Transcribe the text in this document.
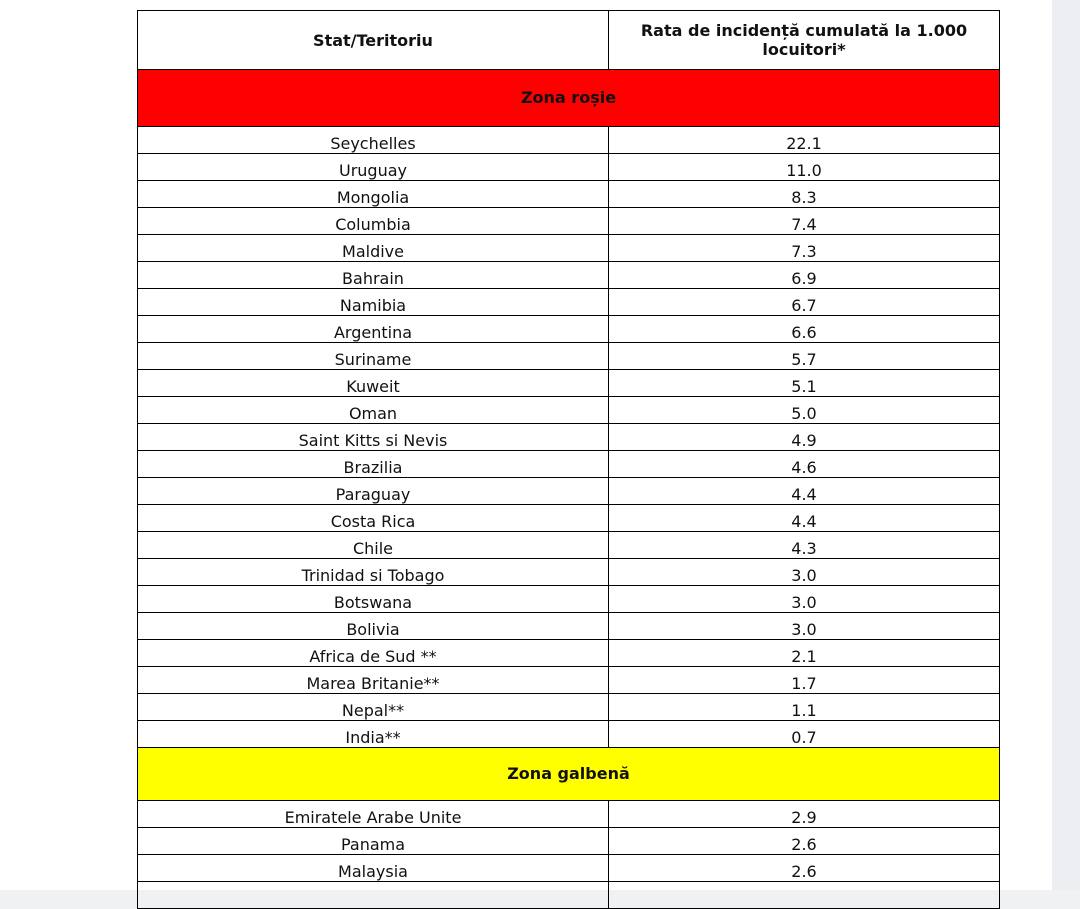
Stat/Teritoriu	Rata de incidență cumulată la 1.000 locuitori*
Zona roșie	
Seychelles	22.1
Uruguay	11.0
Mongolia	8.3
Columbia	7.4
Maldive	7.3
Bahrain	6.9
Namibia	6.7
Argentina	6.6
Suriname	5.7
Kuweit	5.1
Oman	5.0
Saint Kitts si Nevis	4.9
Brazilia	4.6
Paraguay	4.4
Costa Rica	4.4
Chile	4.3
Trinidad si Tobago	3.0
Botswana	3.0
Bolivia	3.0
Africa de Sud **	2.1
Marea Britanie**	1.7
Nepal**	1.1
India**	0.7
Zona galbenă	
Emiratele Arabe Unite	2.9
Panama	2.6
Malaysia	2.6
